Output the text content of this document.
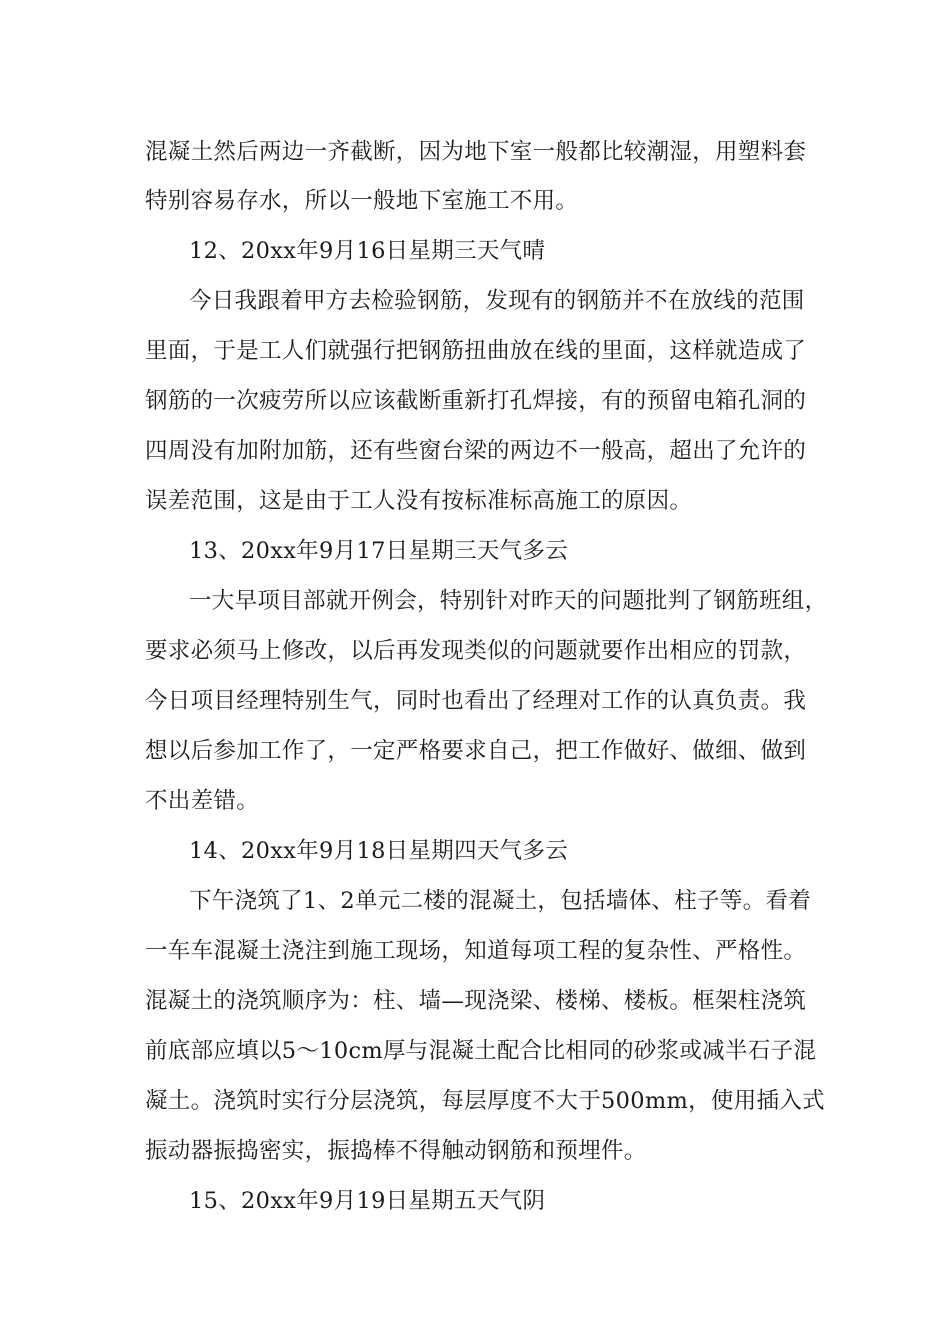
混凝土然后两边一齐截断，因为地下室一般都比较潮湿，用塑料套
特别容易存水，所以一般地下室施工不用。
12、20xx年9月16日星期三天气晴
今日我跟着甲方去检验钢筋，发现有的钢筋并不在放线的范围
里面，于是工人们就强行把钢筋扭曲放在线的里面，这样就造成了
钢筋的一次疲劳所以应该截断重新打孔焊接，有的预留电箱孔洞的
四周没有加附加筋，还有些窗台梁的两边不一般高，超出了允许的
误差范围，这是由于工人没有按标准标高施工的原因。
13、20xx年9月17日星期三天气多云
一大早项目部就开例会，特别针对昨天的问题批判了钢筋班组，
要求必须马上修改，以后再发现类似的问题就要作出相应的罚款，
今日项目经理特别生气，同时也看出了经理对工作的认真负责。我
想以后参加工作了，一定严格要求自己，把工作做好、做细、做到
不出差错。
14、20xx年9月18日星期四天气多云
下午浇筑了1、2单元二楼的混凝土，包括墙体、柱子等。看着
一车车混凝土浇注到施工现场，知道每项工程的复杂性、严格性。
混凝土的浇筑顺序为：柱、墙—现浇梁、楼梯、楼板。框架柱浇筑
前底部应填以5～10cm厚与混凝土配合比相同的砂浆或减半石子混
凝土。浇筑时实行分层浇筑，每层厚度不大于500mm，使用插入式
振动器振捣密实，振捣棒不得触动钢筋和预埋件。
15、20xx年9月19日星期五天气阴
